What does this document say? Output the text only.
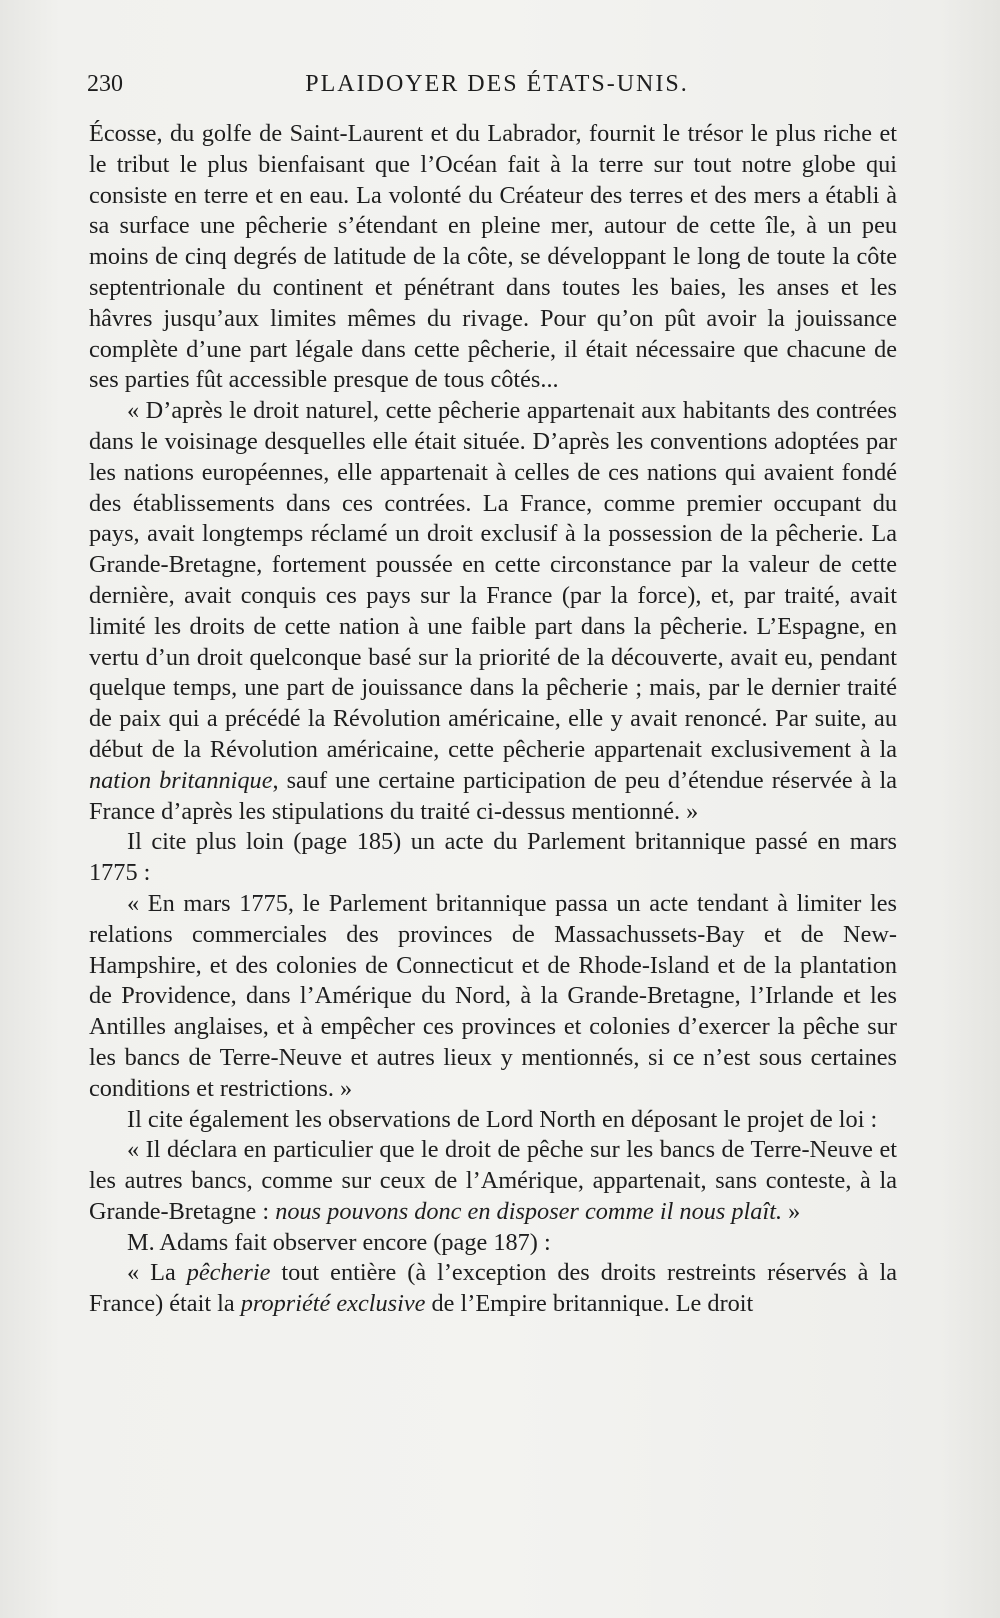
230	PLAIDOYER DES ÉTATS-UNIS.

Écosse, du golfe de Saint-Laurent et du Labrador, fournit le trésor le plus riche et le tribut le plus bienfaisant que l’Océan fait à la terre sur tout notre globe qui consiste en terre et en eau. La volonté du Créateur des terres et des mers a établi à sa surface une pêcherie s’étendant en pleine mer, autour de cette île, à un peu moins de cinq degrés de latitude de la côte, se développant le long de toute la côte septentrionale du continent et pénétrant dans toutes les baies, les anses et les hâvres jusqu’aux limites mêmes du rivage. Pour qu’on pût avoir la jouissance complète d’une part légale dans cette pêcherie, il était nécessaire que chacune de ses parties fût accessible presque de tous côtés...

« D’après le droit naturel, cette pêcherie appartenait aux habitants des contrées dans le voisinage desquelles elle était située. D’après les conventions adoptées par les nations européennes, elle appartenait à celles de ces nations qui avaient fondé des établissements dans ces contrées. La France, comme premier occupant du pays, avait longtemps réclamé un droit exclusif à la possession de la pêcherie. La Grande-Bretagne, fortement poussée en cette circonstance par la valeur de cette dernière, avait conquis ces pays sur la France (par la force), et, par traité, avait limité les droits de cette nation à une faible part dans la pêcherie. L’Espagne, en vertu d’un droit quelconque basé sur la priorité de la découverte, avait eu, pendant quelque temps, une part de jouissance dans la pêcherie ; mais, par le dernier traité de paix qui a précédé la Révolution américaine, elle y avait renoncé. Par suite, au début de la Révolution américaine, cette pêcherie appartenait exclusivement à la nation britannique, sauf une certaine participation de peu d’étendue réservée à la France d’après les stipulations du traité ci-dessus mentionné. »

Il cite plus loin (page 185) un acte du Parlement britannique passé en mars 1775 :

« En mars 1775, le Parlement britannique passa un acte tendant à limiter les relations commerciales des provinces de Massachussets-Bay et de New-Hampshire, et des colonies de Connecticut et de Rhode-Island et de la plantation de Providence, dans l’Amérique du Nord, à la Grande-Bretagne, l’Irlande et les Antilles anglaises, et à empêcher ces provinces et colonies d’exercer la pêche sur les bancs de Terre-Neuve et autres lieux y mentionnés, si ce n’est sous certaines conditions et restrictions. »

Il cite également les observations de Lord North en déposant le projet de loi :

« Il déclara en particulier que le droit de pêche sur les bancs de Terre-Neuve et les autres bancs, comme sur ceux de l’Amérique, appartenait, sans conteste, à la Grande-Bretagne : nous pouvons donc en disposer comme il nous plaît. »

M. Adams fait observer encore (page 187) :

« La pêcherie tout entière (à l’exception des droits restreints réservés à la France) était la propriété exclusive de l’Empire britannique. Le droit
